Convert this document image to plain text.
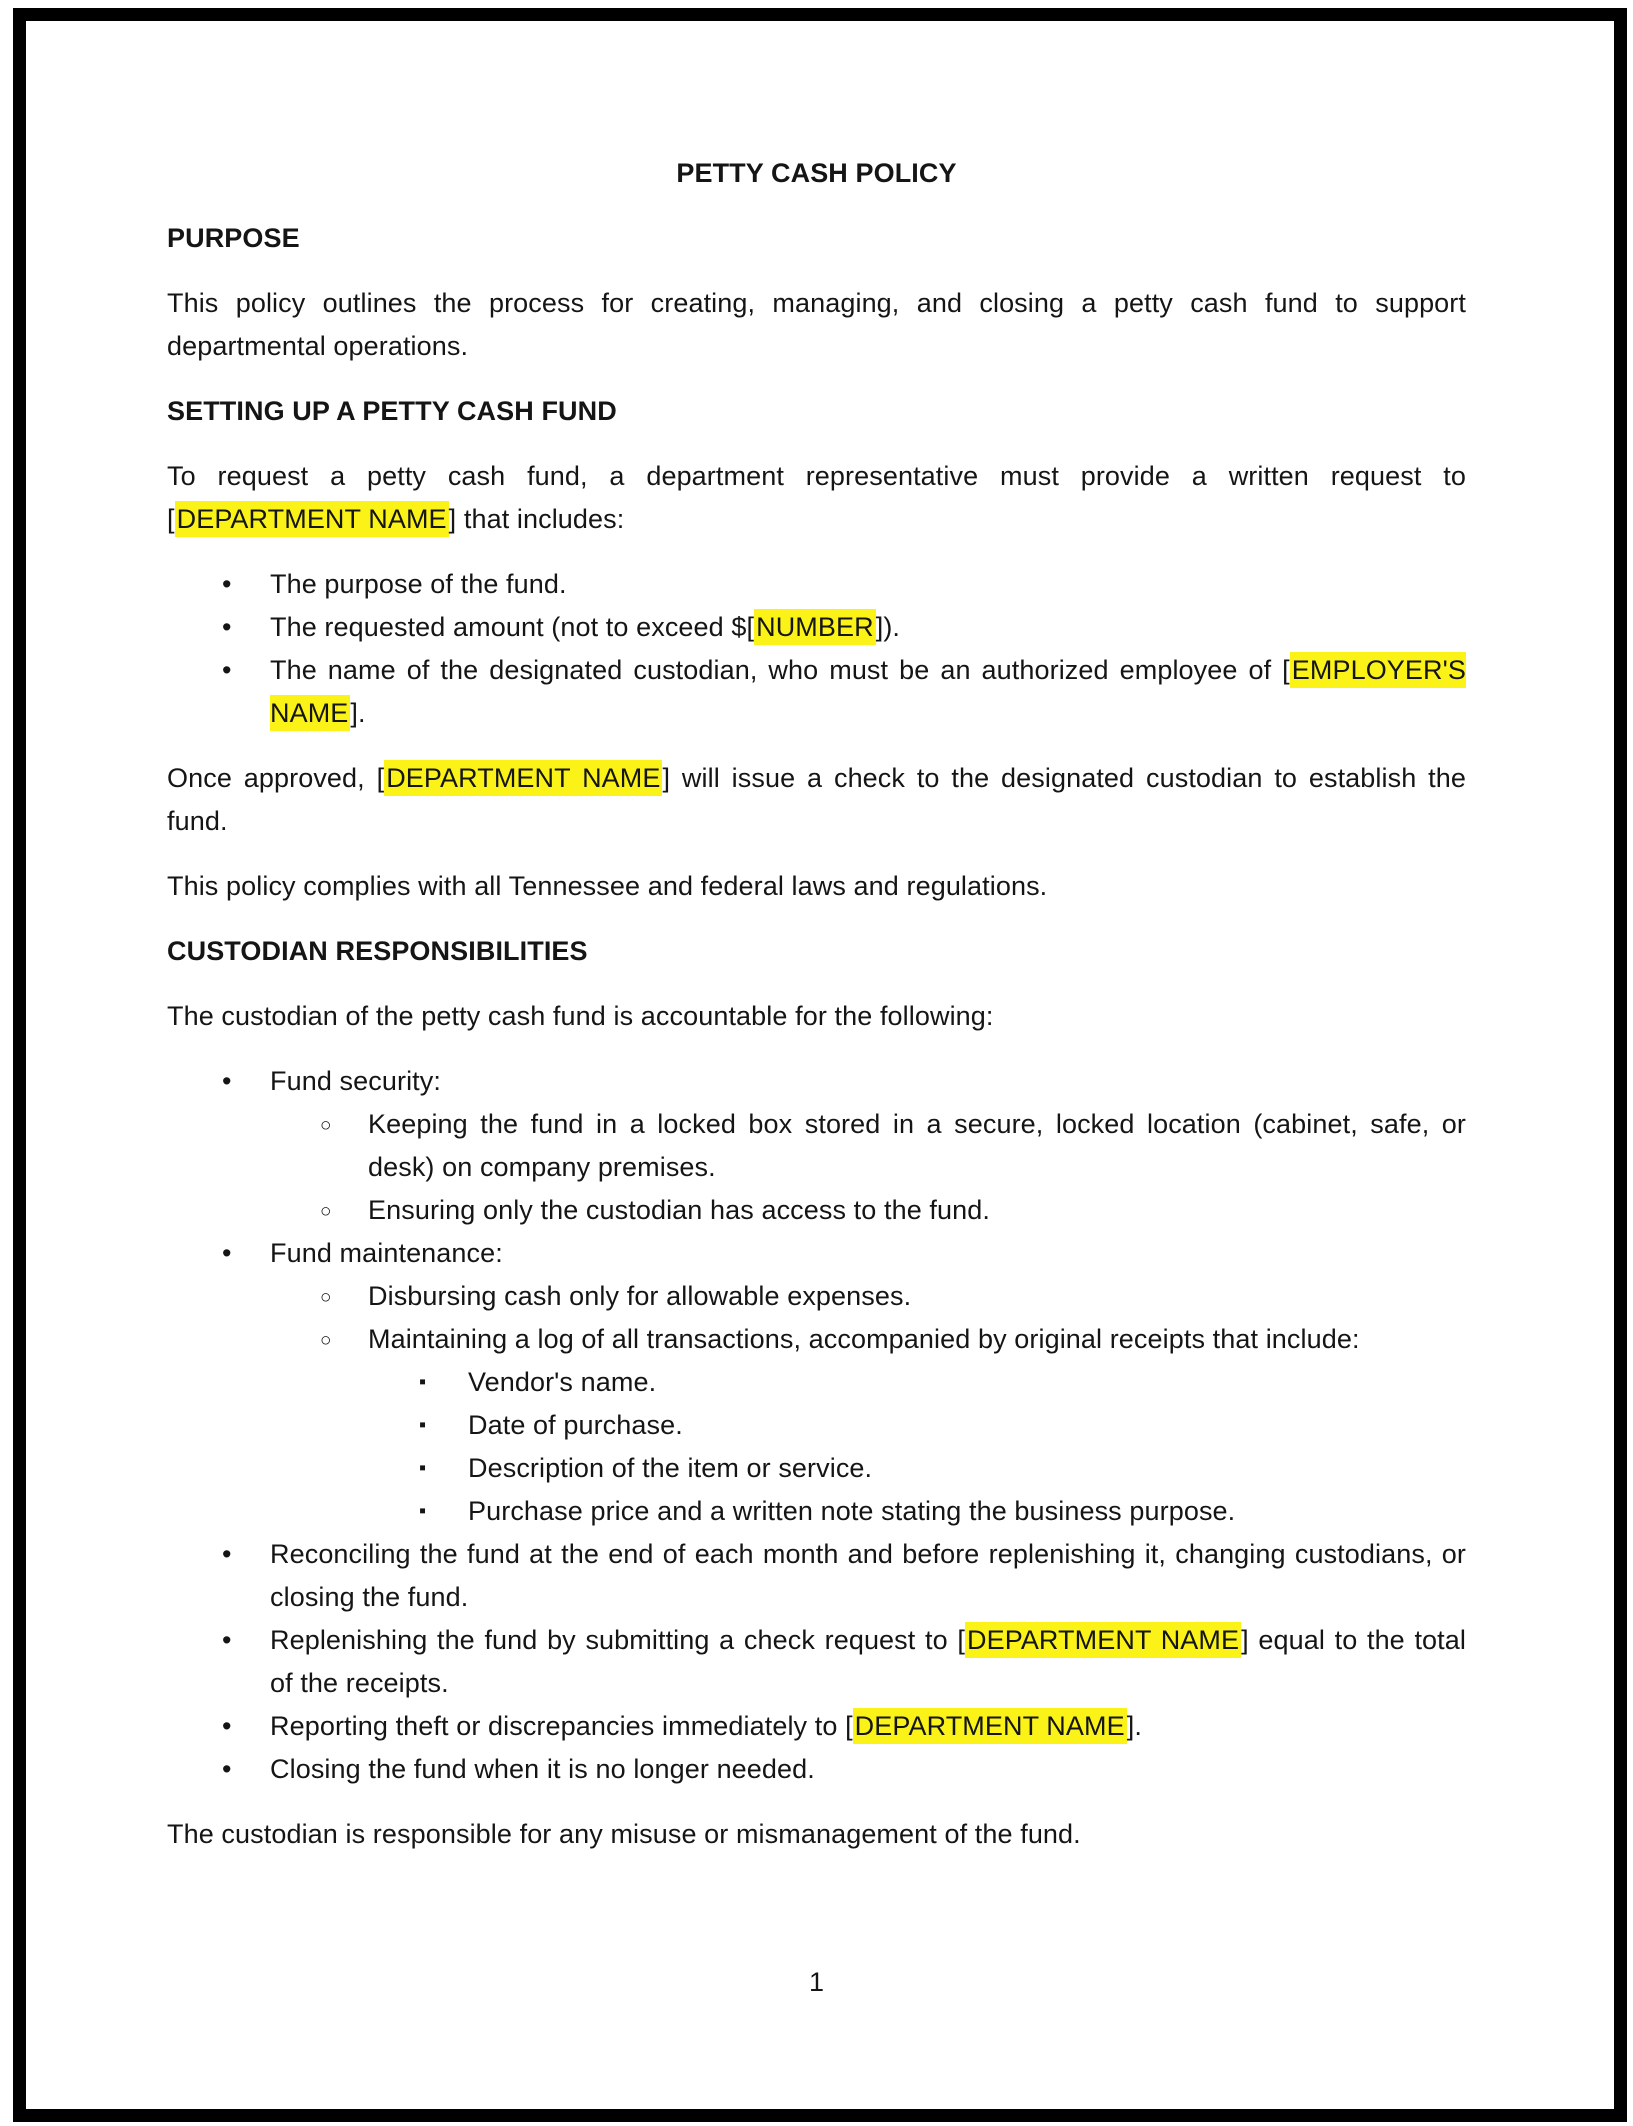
PETTY CASH POLICY
PURPOSE

This policy outlines the process for creating, managing, and closing a petty cash fund to support departmental operations.

SETTING UP A PETTY CASH FUND

To request a petty cash fund, a department representative must provide a written request to [DEPARTMENT NAME] that includes:

• The purpose of the fund.
• The requested amount (not to exceed $[NUMBER]).
• The name of the designated custodian, who must be an authorized employee of [EMPLOYER'S NAME].

Once approved, [DEPARTMENT NAME] will issue a check to the designated custodian to establish the fund.

This policy complies with all Tennessee and federal laws and regulations.

CUSTODIAN RESPONSIBILITIES

The custodian of the petty cash fund is accountable for the following:

• Fund security:
○ Keeping the fund in a locked box stored in a secure, locked location (cabinet, safe, or desk) on company premises.
○ Ensuring only the custodian has access to the fund.
• Fund maintenance:
○ Disbursing cash only for allowable expenses.
○ Maintaining a log of all transactions, accompanied by original receipts that include:
▪ Vendor's name.
▪ Date of purchase.
▪ Description of the item or service.
▪ Purchase price and a written note stating the business purpose.
• Reconciling the fund at the end of each month and before replenishing it, changing custodians, or closing the fund.
• Replenishing the fund by submitting a check request to [DEPARTMENT NAME] equal to the total of the receipts.
• Reporting theft or discrepancies immediately to [DEPARTMENT NAME].
• Closing the fund when it is no longer needed.

The custodian is responsible for any misuse or mismanagement of the fund.

1
